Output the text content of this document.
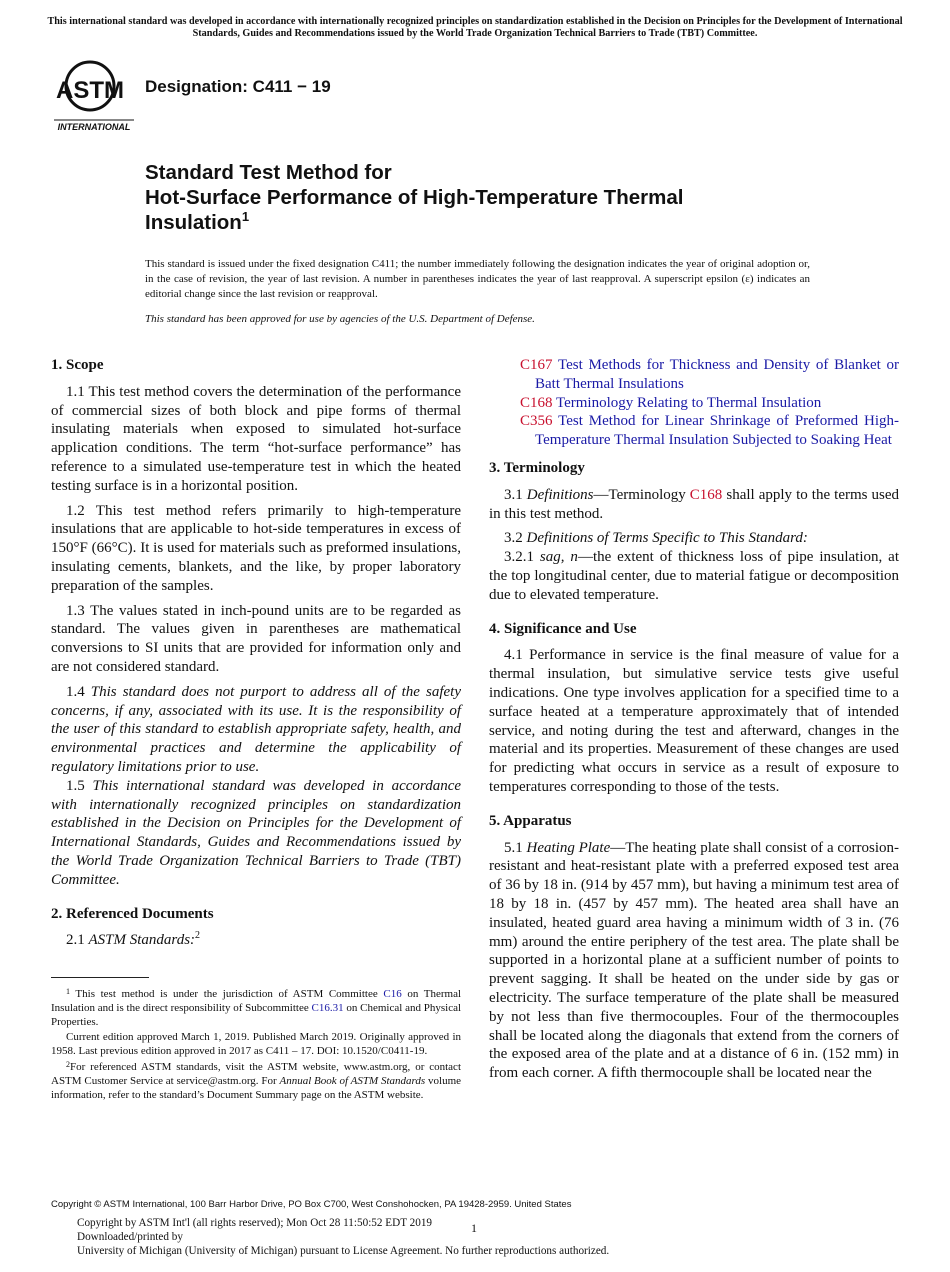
This international standard was developed in accordance with internationally recognized principles on standardization established in the Decision on Principles for the Development of International Standards, Guides and Recommendations issued by the World Trade Organization Technical Barriers to Trade (TBT) Committee.
ASTM
INTERNATIONAL
Designation: C411 − 19
Standard Test Method for
Hot-Surface Performance of High-Temperature Thermal
Insulation$^1$
This standard is issued under the fixed designation C411; the number immediately following the designation indicates the year of original adoption or, in the case of revision, the year of last revision. A number in parentheses indicates the year of last reapproval. A superscript epsilon (ε) indicates an editorial change since the last revision or reapproval.
This standard has been approved for use by agencies of the U.S. Department of Defense.
1. Scope

1.1 This test method covers the determination of the performance of commercial sizes of both block and pipe forms of thermal insulating materials when exposed to simulated hot-surface application conditions. The term “hot-surface performance” has reference to a simulated use-temperature test in which the heated testing surface is in a horizontal position.

1.2 This test method refers primarily to high-temperature insulations that are applicable to hot-side temperatures in excess of 150°F (66°C). It is used for materials such as preformed insulations, insulating cements, blankets, and the like, by proper laboratory preparation of the samples.

1.3 The values stated in inch-pound units are to be regarded as standard. The values given in parentheses are mathematical conversions to SI units that are provided for information only and are not considered standard.

1.4 This standard does not purport to address all of the safety concerns, if any, associated with its use. It is the responsibility of the user of this standard to establish appropriate safety, health, and environmental practices and determine the applicability of regulatory limitations prior to use.

1.5 This international standard was developed in accordance with internationally recognized principles on standardization established in the Decision on Principles for the Development of International Standards, Guides and Recommendations issued by the World Trade Organization Technical Barriers to Trade (TBT) Committee.

2. Referenced Documents

2.1 ASTM Standards:$^2$

C167 Test Methods for Thickness and Density of Blanket or Batt Thermal Insulations
C168 Terminology Relating to Thermal Insulation
C356 Test Method for Linear Shrinkage of Preformed High-Temperature Thermal Insulation Subjected to Soaking Heat
3. Terminology

3.1 Definitions—Terminology C168 shall apply to the terms used in this test method.

3.2 Definitions of Terms Specific to This Standard:

3.2.1 sag, n—the extent of thickness loss of pipe insulation, at the top longitudinal center, due to material fatigue or decomposition due to elevated temperature.

4. Significance and Use

4.1 Performance in service is the final measure of value for a thermal insulation, but simulative service tests give useful indications. One type involves application for a specified time to a surface heated at a temperature approximately that of intended service, and noting during the test and afterward, changes in the material and its properties. Measurement of these changes are used for predicting what occurs in service as a result of exposure to temperatures corresponding to those of the tests.

5. Apparatus

5.1 Heating Plate—The heating plate shall consist of a corrosion-resistant and heat-resistant plate with a preferred exposed test area of 36 by 18 in. (914 by 457 mm), but having a minimum test area of 18 by 18 in. (457 by 457 mm). The heated area shall have an insulated, heated guard area having a minimum width of 3 in. (76 mm) around the entire periphery of the test area. The plate shall be supported in a horizontal plane at a sufficient number of points to prevent sagging. It shall be heated on the under side by gas or electricity. The surface temperature of the plate shall be measured by not less than five thermocouples. Four of the thermocouples shall be located along the diagonals that extend from the corners of the exposed area of the plate and at a distance of 6 in. (152 mm) in from each corner. A fifth thermocouple shall be located near the

$^1$ This test method is under the jurisdiction of ASTM Committee C16 on Thermal Insulation and is the direct responsibility of Subcommittee C16.31 on Chemical and Physical Properties.

Current edition approved March 1, 2019. Published March 2019. Originally approved in 1958. Last previous edition approved in 2017 as C411 – 17. DOI: 10.1520/C0411-19.

$^2$For referenced ASTM standards, visit the ASTM website, www.astm.org, or contact ASTM Customer Service at service@astm.org. For Annual Book of ASTM Standards volume information, refer to the standard’s Document Summary page on the ASTM website.

Copyright © ASTM International, 100 Barr Harbor Drive, PO Box C700, West Conshohocken, PA 19428-2959. United States
Copyright by ASTM Int'l (all rights reserved); Mon Oct 28 11:50:52 EDT 2019
Downloaded/printed by
University of Michigan (University of Michigan) pursuant to License Agreement. No further reproductions authorized.
1
